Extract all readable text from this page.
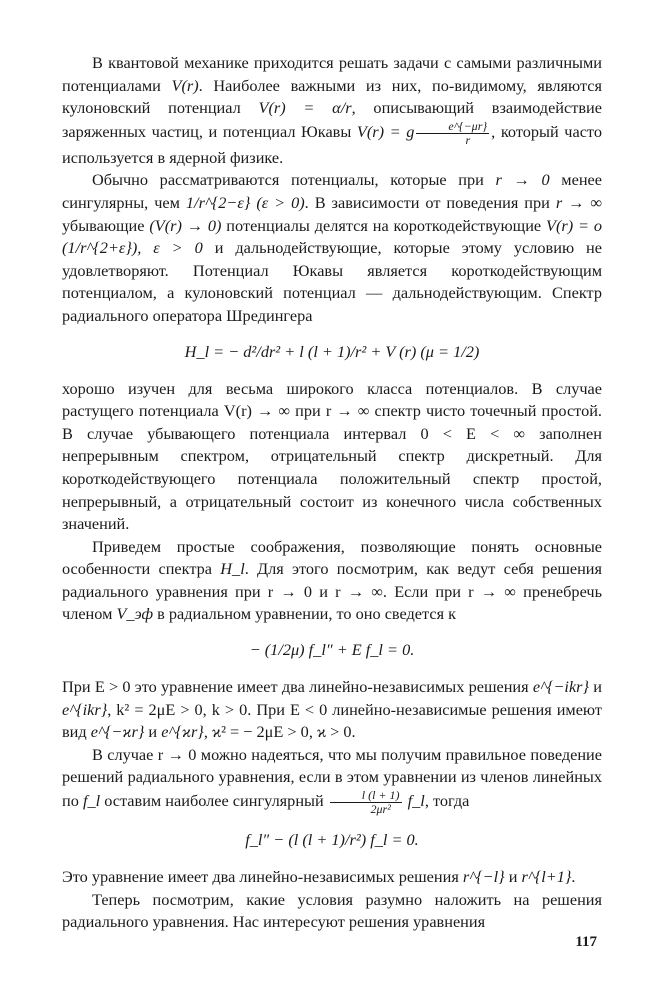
В квантовой механике приходится решать задачи с самыми различными потенциалами V(r). Наиболее важными из них, по-видимому, являются кулоновский потенциал V(r) = α/r, описывающий взаимодействие заряженных частиц, и потенциал Юкавы V(r) = g $\frac{e\^{}\{-\mu r\}}{r}$ , который часто используется в ядерной физике.

Обычно рассматриваются потенциалы, которые при r → 0 менее сингулярны, чем 1/r^{2−ε} (ε > 0). В зависимости от поведения при r → ∞ убывающие (V(r) → 0) потенциалы делятся на короткодействующие V(r) = o (1/r^{2+ε}), ε > 0 и дальнодействующие, которые этому условию не удовлетворяют. Потенциал Юкавы является короткодействующим потенциалом, а кулоновский потенциал — дальнодействующим. Спектр радиального оператора Шредингера

H_l = − d²/dr² + l (l + 1)/r² + V (r) (μ = 1/2)

хорошо изучен для весьма широкого класса потенциалов. В случае растущего потенциала V(r) → ∞ при r → ∞ спектр чисто точечный простой. В случае убывающего потенциала интервал 0 < E < ∞ заполнен непрерывным спектром, отрицательный спектр дискретный. Для короткодействующего потенциала положительный спектр простой, непрерывный, а отрицательный состоит из конечного числа собственных значений.

Приведем простые соображения, позволяющие понять основные особенности спектра H_l. Для этого посмотрим, как ведут себя решения радиального уравнения при r → 0 и r → ∞. Если при r → ∞ пренебречь членом V_эф в радиальном уравнении, то оно сведется к

− (1/2μ) f_l″ + E f_l = 0.

При E > 0 это уравнение имеет два линейно-независимых решения e^{−ikr} и e^{ikr}, k² = 2μE > 0, k > 0. При E < 0 линейно-независимые решения имеют вид e^{−ϰr} и e^{ϰr}, ϰ² = − 2μE > 0, ϰ > 0.

В случае r → 0 можно надеяться, что мы получим правильное поведение решений радиального уравнения, если в этом уравнении из членов линейных по f_l оставим наиболее сингулярный $\frac{l (l + 1)}{\text{2μr²}}$ f_l, тогда

f_l″ − (l (l + 1)/r²) f_l = 0.

Это уравнение имеет два линейно-независимых решения r^{−l} и r^{l+1}.

Теперь посмотрим, какие условия разумно наложить на решения радиального уравнения. Нас интересуют решения уравнения

117
